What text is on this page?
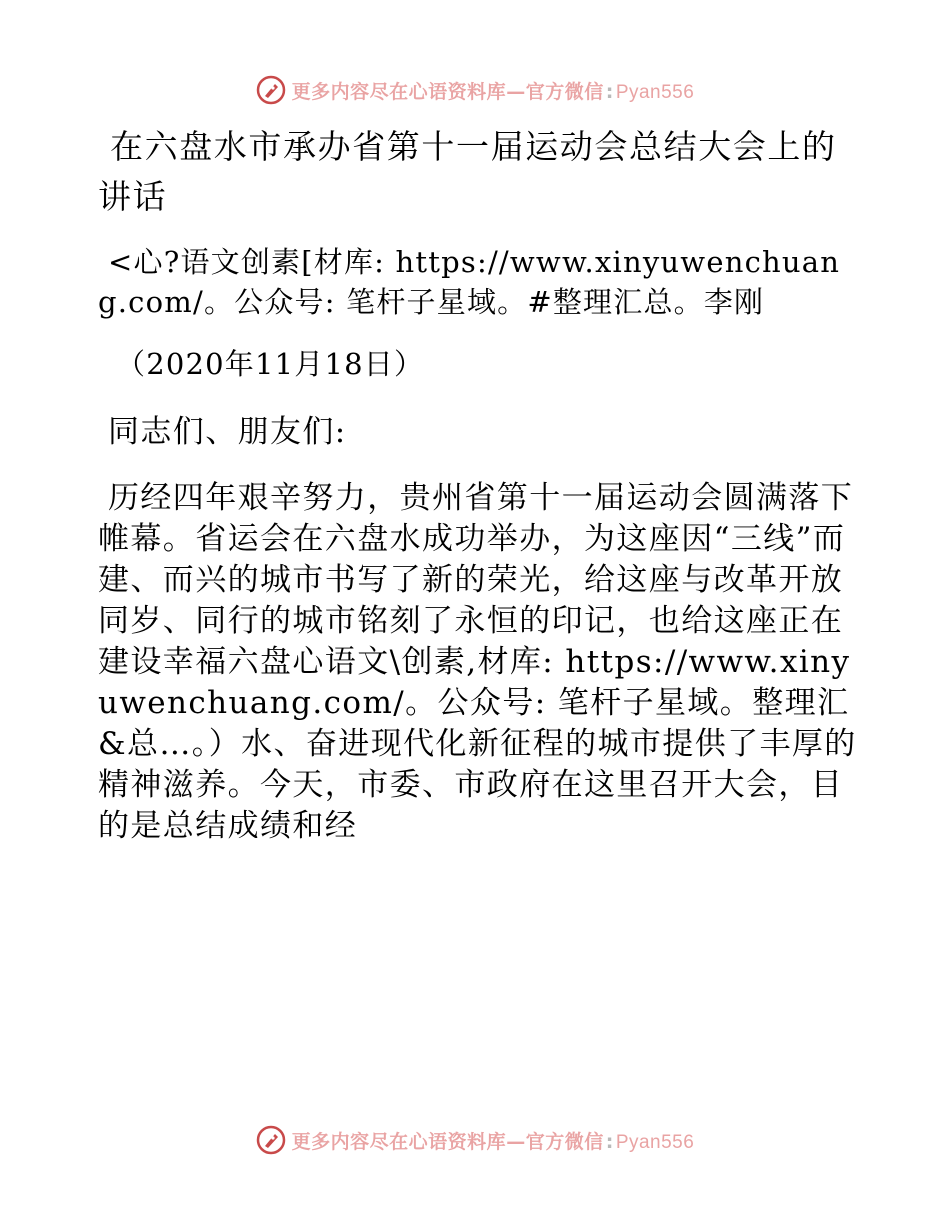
更多内容尽在心语资料库—官方微信 : Pyan556
在六盘水市承办省第十一届运动会总结大会上的讲话

<心?语文创素[材库: https://www.xinyuwenchuang.com/。公众号: 笔杆子星域。#整理汇总。李刚

（2020年11月18日）

同志们、朋友们:

历经四年艰辛努力，贵州省第十一届运动会圆满落下帷幕。省运会在六盘水成功举办，为这座因“三线”而建、而兴的城市书写了新的荣光，给这座与改革开放同岁、同行的城市铭刻了永恒的印记，也给这座正在建设幸福六盘心语文\创素,材库: https://www.xinyuwenchuang.com/。公众号: 笔杆子星域。整理汇&总…。）水、奋进现代化新征程的城市提供了丰厚的精神滋养。今天，市委、市政府在这里召开大会，目的是总结成绩和经

更多内容尽在心语资料库—官方微信 : Pyan556
